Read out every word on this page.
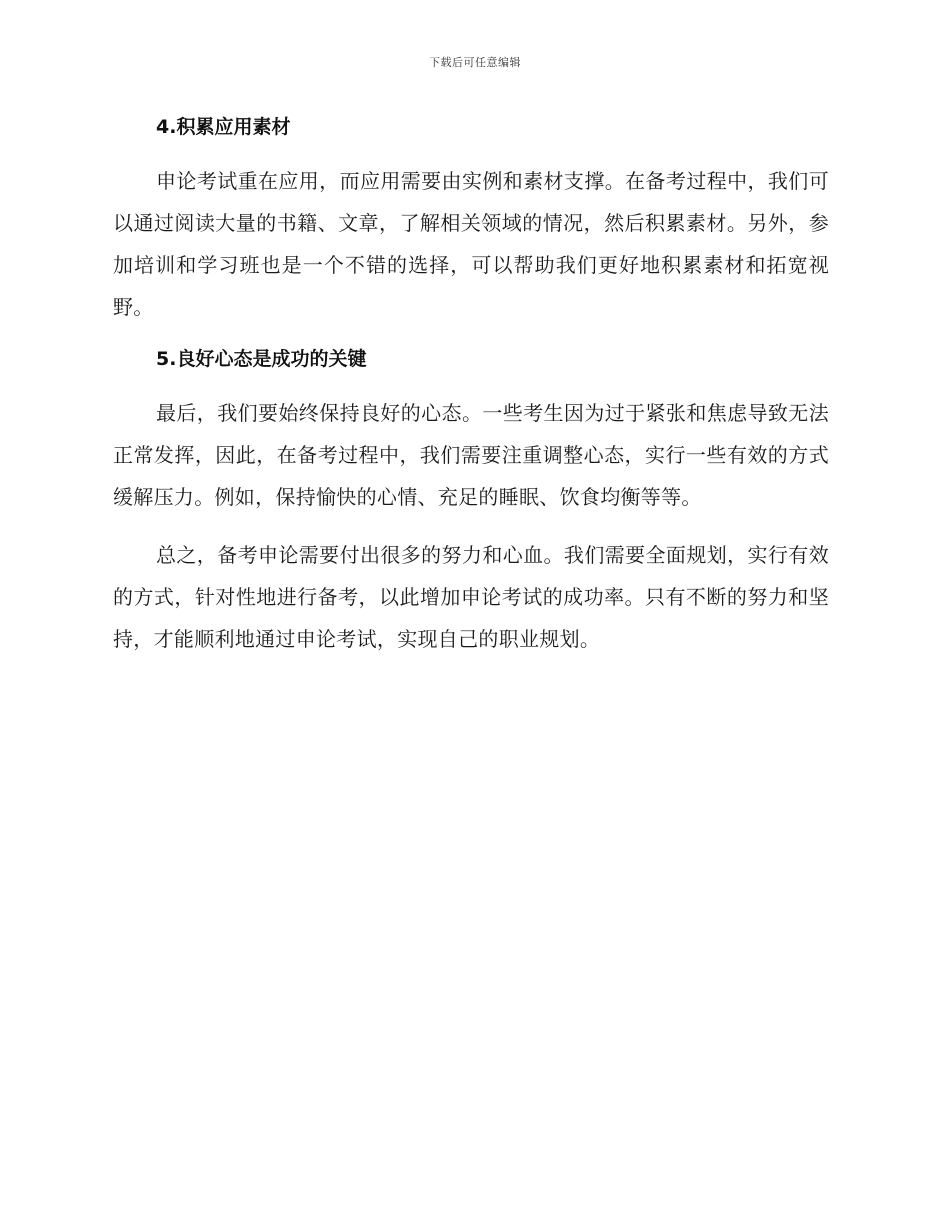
下载后可任意编辑
4.积累应用素材

申论考试重在应用，而应用需要由实例和素材支撑。在备考过程中，我们可以通过阅读大量的书籍、文章，了解相关领域的情况，然后积累素材。另外，参加培训和学习班也是一个不错的选择，可以帮助我们更好地积累素材和拓宽视野。

5.良好心态是成功的关键

最后，我们要始终保持良好的心态。一些考生因为过于紧张和焦虑导致无法正常发挥，因此，在备考过程中，我们需要注重调整心态，实行一些有效的方式缓解压力。例如，保持愉快的心情、充足的睡眠、饮食均衡等等。

总之，备考申论需要付出很多的努力和心血。我们需要全面规划，实行有效的方式，针对性地进行备考，以此增加申论考试的成功率。只有不断的努力和坚持，才能顺利地通过申论考试，实现自己的职业规划。
